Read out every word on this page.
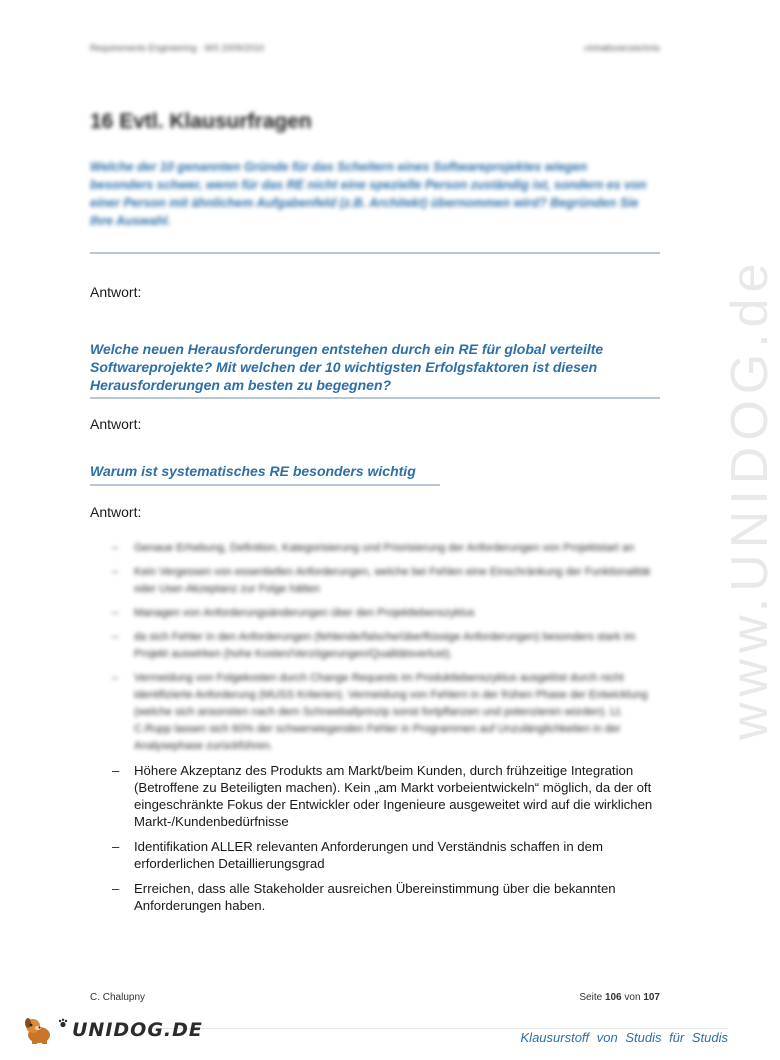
Requirements Engineering · WS 2009/2010	»Inhaltsverzeichnis
16 Evtl. Klausurfragen
Welche der 10 genannten Gründe für das Scheitern eines Softwareprojektes wiegen besonders schwer, wenn für das RE nicht eine spezielle Person zuständig ist, sondern es von einer Person mit ähnlichem Aufgabenfeld (z.B. Architekt) übernommen wird? Begründen Sie Ihre Auswahl.
Antwort:
Welche neuen Herausforderungen entstehen durch ein RE für global verteilte Softwareprojekte? Mit welchen der 10 wichtigsten Erfolgsfaktoren ist diesen Herausforderungen am besten zu begegnen?
Antwort:
Warum ist systematisches RE besonders wichtig
Antwort:
– Genaue Erhebung, Definition, Kategorisierung und Priorisierung der Anforderungen von Projektstart an
– Kein Vergessen von essentiellen Anforderungen, welche bei Fehlen eine Einschränkung der Funktionalität oder User-Akzeptanz zur Folge hätten
– Managen von Anforderungsänderungen über den Projektlebenszyklus
– da sich Fehler in den Anforderungen (fehlende/falsche/überflüssige Anforderungen) besonders stark im Projekt auswirken (hohe Kosten/Verzögerungen/Qualitätsverlust).
– Vermeidung von Folgekosten durch Change Requests im Produktlebenszyklus ausgelöst durch nicht identifizierte Anforderung (MUSS Kriterien). Vermeidung von Fehlern in der frühen Phase der Entwicklung (welche sich ansonsten nach dem Schneeballprinzip sonst fortpflanzen und potenzieren würden). Lt. C.Rupp lassen sich 60% der schwerwiegenden Fehler in Programmen auf Unzulänglichkeiten in der Analysephase zurückführen.
– Höhere Akzeptanz des Produkts am Markt/beim Kunden, durch frühzeitige Integration (Betroffene zu Beteiligten machen). Kein „am Markt vorbeientwickeln“ möglich, da der oft eingeschränkte Fokus der Entwickler oder Ingenieure ausgeweitet wird auf die wirklichen Markt-/Kundenbedürfnisse
– Identifikation ALLER relevanten Anforderungen und Verständnis schaffen in dem erforderlichen Detaillierungsgrad
– Erreichen, dass alle Stakeholder ausreichen Übereinstimmung über die bekannten Anforderungen haben.
www.UNIDOG.de
C. Chalupny	Seite 106 von 107
UNIDOG.DE	Klausurstoff von Studis für Studis
